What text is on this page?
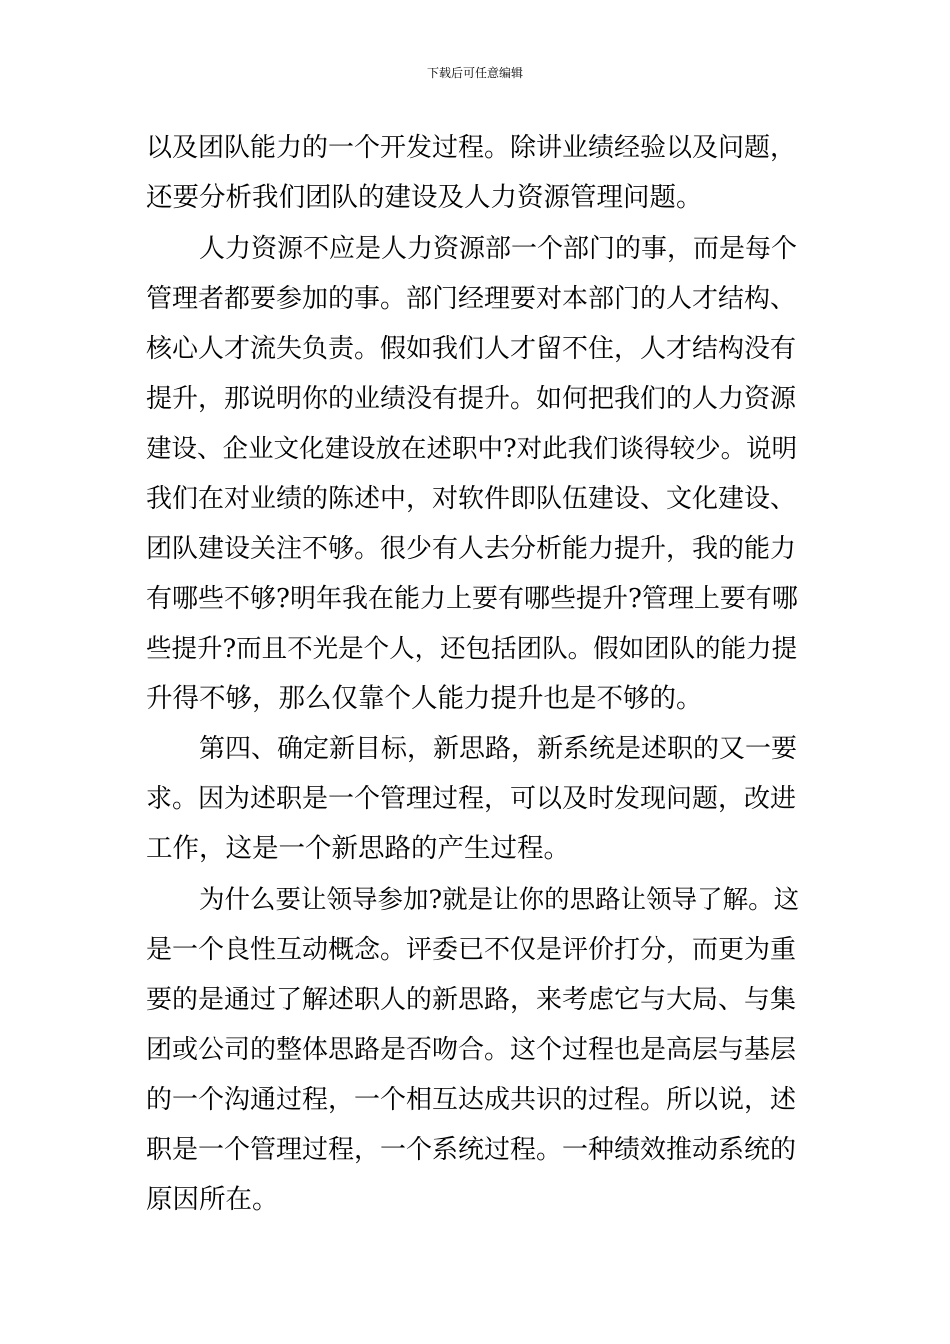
下载后可任意编辑
以及团队能力的一个开发过程。除讲业绩经验以及问题，
还要分析我们团队的建设及人力资源管理问题。
人力资源不应是人力资源部一个部门的事，而是每个
管理者都要参加的事。部门经理要对本部门的人才结构、
核心人才流失负责。假如我们人才留不住，人才结构没有
提升，那说明你的业绩没有提升。如何把我们的人力资源
建设、企业文化建设放在述职中?对此我们谈得较少。说明
我们在对业绩的陈述中，对软件即队伍建设、文化建设、
团队建设关注不够。很少有人去分析能力提升，我的能力
有哪些不够?明年我在能力上要有哪些提升?管理上要有哪
些提升?而且不光是个人，还包括团队。假如团队的能力提
升得不够，那么仅靠个人能力提升也是不够的。
第四、确定新目标，新思路，新系统是述职的又一要
求。因为述职是一个管理过程，可以及时发现问题，改进
工作，这是一个新思路的产生过程。
为什么要让领导参加?就是让你的思路让领导了解。这
是一个良性互动概念。评委已不仅是评价打分，而更为重
要的是通过了解述职人的新思路，来考虑它与大局、与集
团或公司的整体思路是否吻合。这个过程也是高层与基层
的一个沟通过程，一个相互达成共识的过程。所以说，述
职是一个管理过程，一个系统过程。一种绩效推动系统的
原因所在。
